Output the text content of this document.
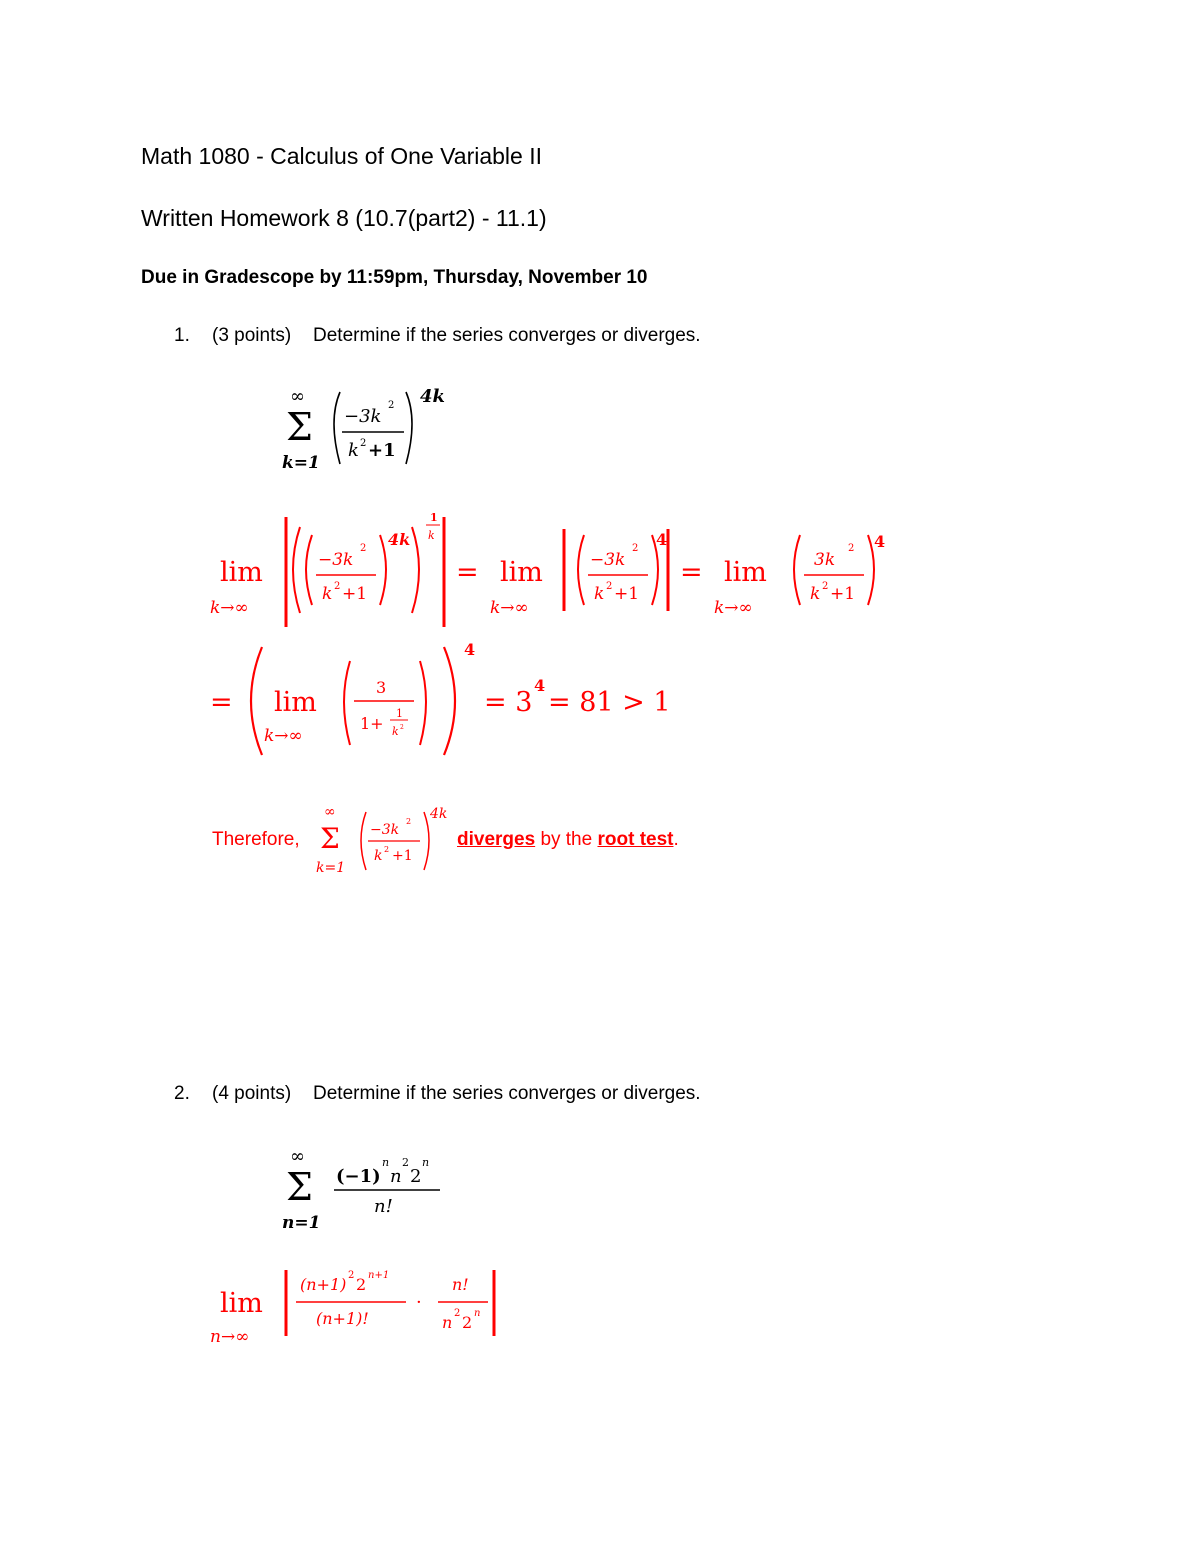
Math 1080 - Calculus of One Variable II
Written Homework 8 (10.7(part2) - 11.1)
Due in Gradescope by 11:59pm, Thursday, November 10
1. (3 points) Determine if the series converges or diverges.
∞
Σ
k=1
−3k
2
k 2 +1
4k
lim
k→∞
−3k
2
k 2 +1
4k
1
k
= lim
k→∞
−3k
2
k 2 +1
4
= lim
k→∞
3k
2
k 2 +1
4
= lim
k→∞
3
1+
1
k 2
4
= 3
4
= 81 > 1
Therefore,
∞
Σ
k=1
−3k
2
k 2 +1
4k
diverges by the root test.
2. (4 points) Determine if the series converges or diverges.
∞
Σ
n=1
(−1)
n
n
2
2
n
n!
lim
n→∞
(n+1) 2 2 n+1
(n+1)!
·
n!
n 2 2 n
